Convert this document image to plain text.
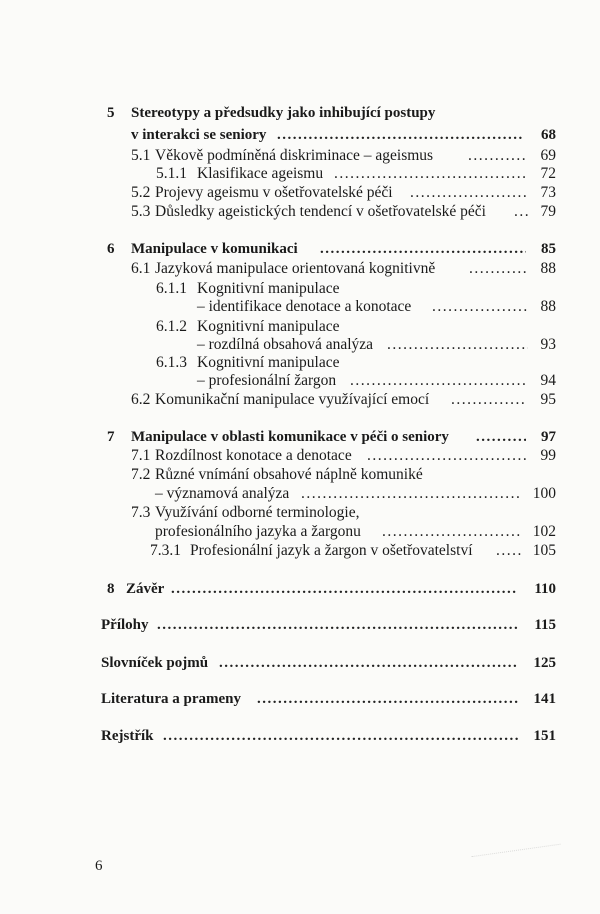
5 Stereotypy a předsudky jako inhibující postupy
v interakci se seniory .....	68
5.1 Věkově podmíněná diskriminace – ageismus .....	69
5.1.1 Klasifikace ageismu .....	72
5.2 Projevy ageismu v ošetřovatelské péči .....	73
5.3 Důsledky ageistických tendencí v ošetřovatelské péči .....	79
6 Manipulace v komunikaci .....	85
6.1 Jazyková manipulace orientovaná kognitivně .....	88
6.1.1 Kognitivní manipulace
– identifikace denotace a konotace .....	88
6.1.2 Kognitivní manipulace
– rozdílná obsahová analýza .....	93
6.1.3 Kognitivní manipulace
– profesionální žargon .....	94
6.2 Komunikační manipulace využívající emocí .....	95
7 Manipulace v oblasti komunikace v péči o seniory .....	97
7.1 Rozdílnost konotace a denotace .....	99
7.2 Různé vnímání obsahové náplně komuniké
– významová analýza .....	100
7.3 Využívání odborné terminologie,
profesionálního jazyka a žargonu .....	102
7.3.1 Profesionální jazyk a žargon v ošetřovatelství .....	105
8 Závěr .....	110
Přílohy .....	115
Slovníček pojmů .....	125
Literatura a prameny .....	141
Rejstřík .....	151
6
